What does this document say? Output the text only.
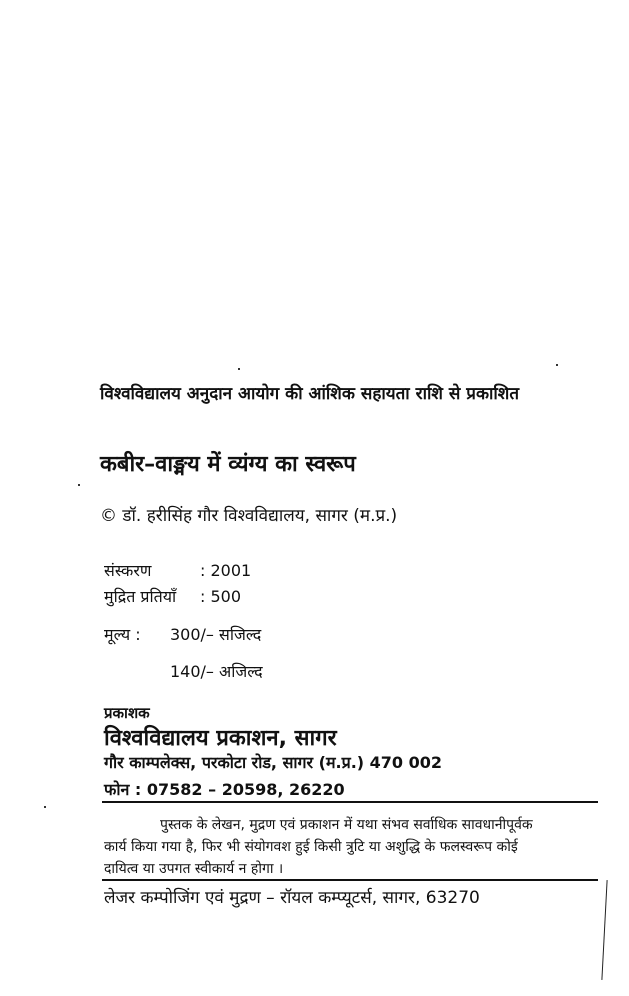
विश्वविद्यालय अनुदान आयोग की आंशिक सहायता राशि से प्रकाशित
कबीर–वाङ्मय में व्यंग्य का स्वरूप
© डॉ. हरीसिंह गौर विश्वविद्यालय, सागर (म.प्र.)
संस्करण	: 2001
मुद्रित प्रतियाँ : 500
मूल्य : 300/– सजिल्द
140/– अजिल्द
प्रकाशक
विश्वविद्यालय प्रकाशन, सागर
गौर काम्पलेक्स, परकोटा रोड, सागर (म.प्र.) 470 002
फोन : 07582 – 20598, 26220
पुस्तक के लेखन, मुद्रण एवं प्रकाशन में यथा संभव सर्वाधिक सावधानीपूर्वक
कार्य किया गया है, फिर भी संयोगवश हुई किसी त्रुटि या अशुद्धि के फलस्वरूप कोई
दायित्व या उपगत स्वीकार्य न होगा ।
लेजर कम्पोजिंग एवं मुद्रण – रॉयल कम्प्यूटर्स, सागर, 63270
